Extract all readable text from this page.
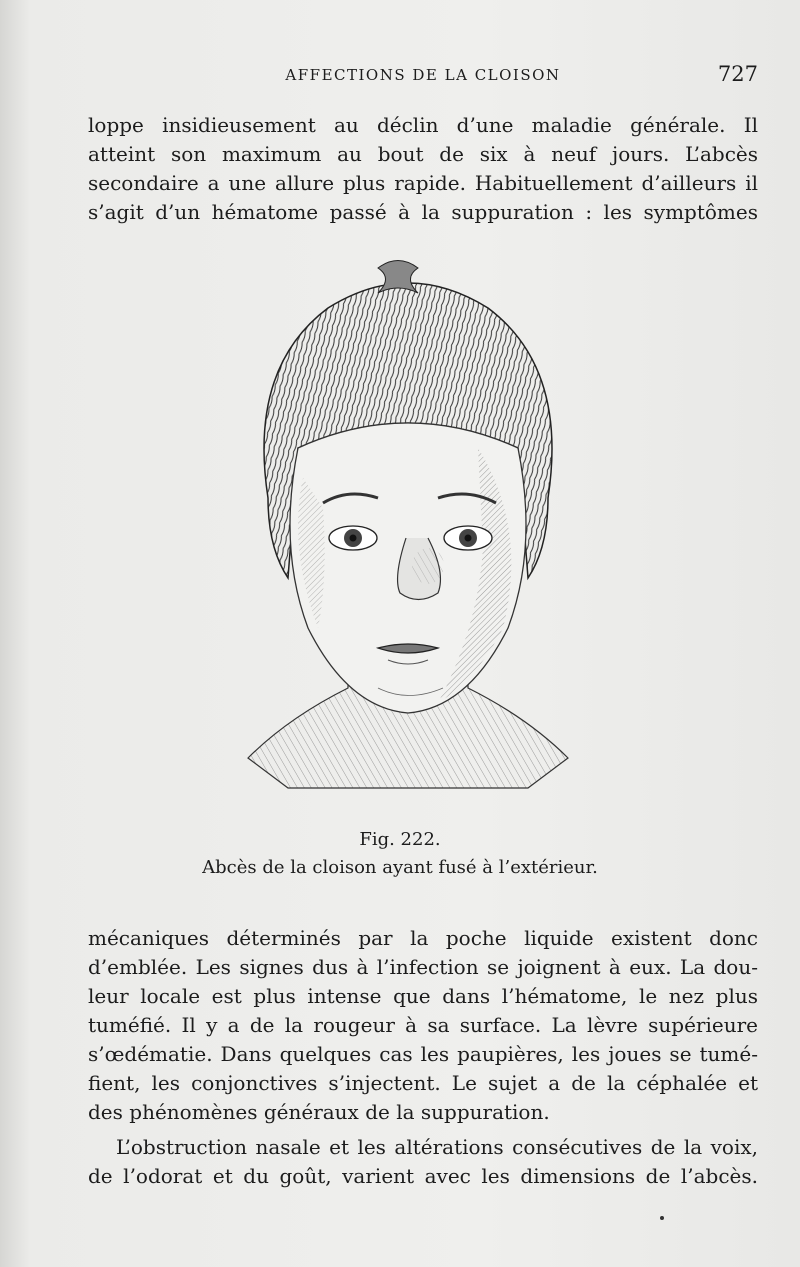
AFFECTIONS DE LA CLOISON	727

loppe insidieusement au déclin d’une maladie générale. Il
atteint son maximum au bout de six à neuf jours. L’abcès
secondaire a une allure plus rapide. Habituellement d’ailleurs il
s’agit d’un hématome passé à la suppuration : les symptômes

Fig. 222.
Abcès de la cloison ayant fusé à l’extérieur.

mécaniques déterminés par la poche liquide existent donc
d’emblée. Les signes dus à l’infection se joignent à eux. La dou-
leur locale est plus intense que dans l’hématome, le nez plus
tuméfié. Il y a de la rougeur à sa surface. La lèvre supérieure
s’œdématie. Dans quelques cas les paupières, les joues se tumé-
fient, les conjonctives s’injectent. Le sujet a de la céphalée et
des phénomènes généraux de la suppuration.

L’obstruction nasale et les altérations consécutives de la voix,
de l’odorat et du goût, varient avec les dimensions de l’abcès.
